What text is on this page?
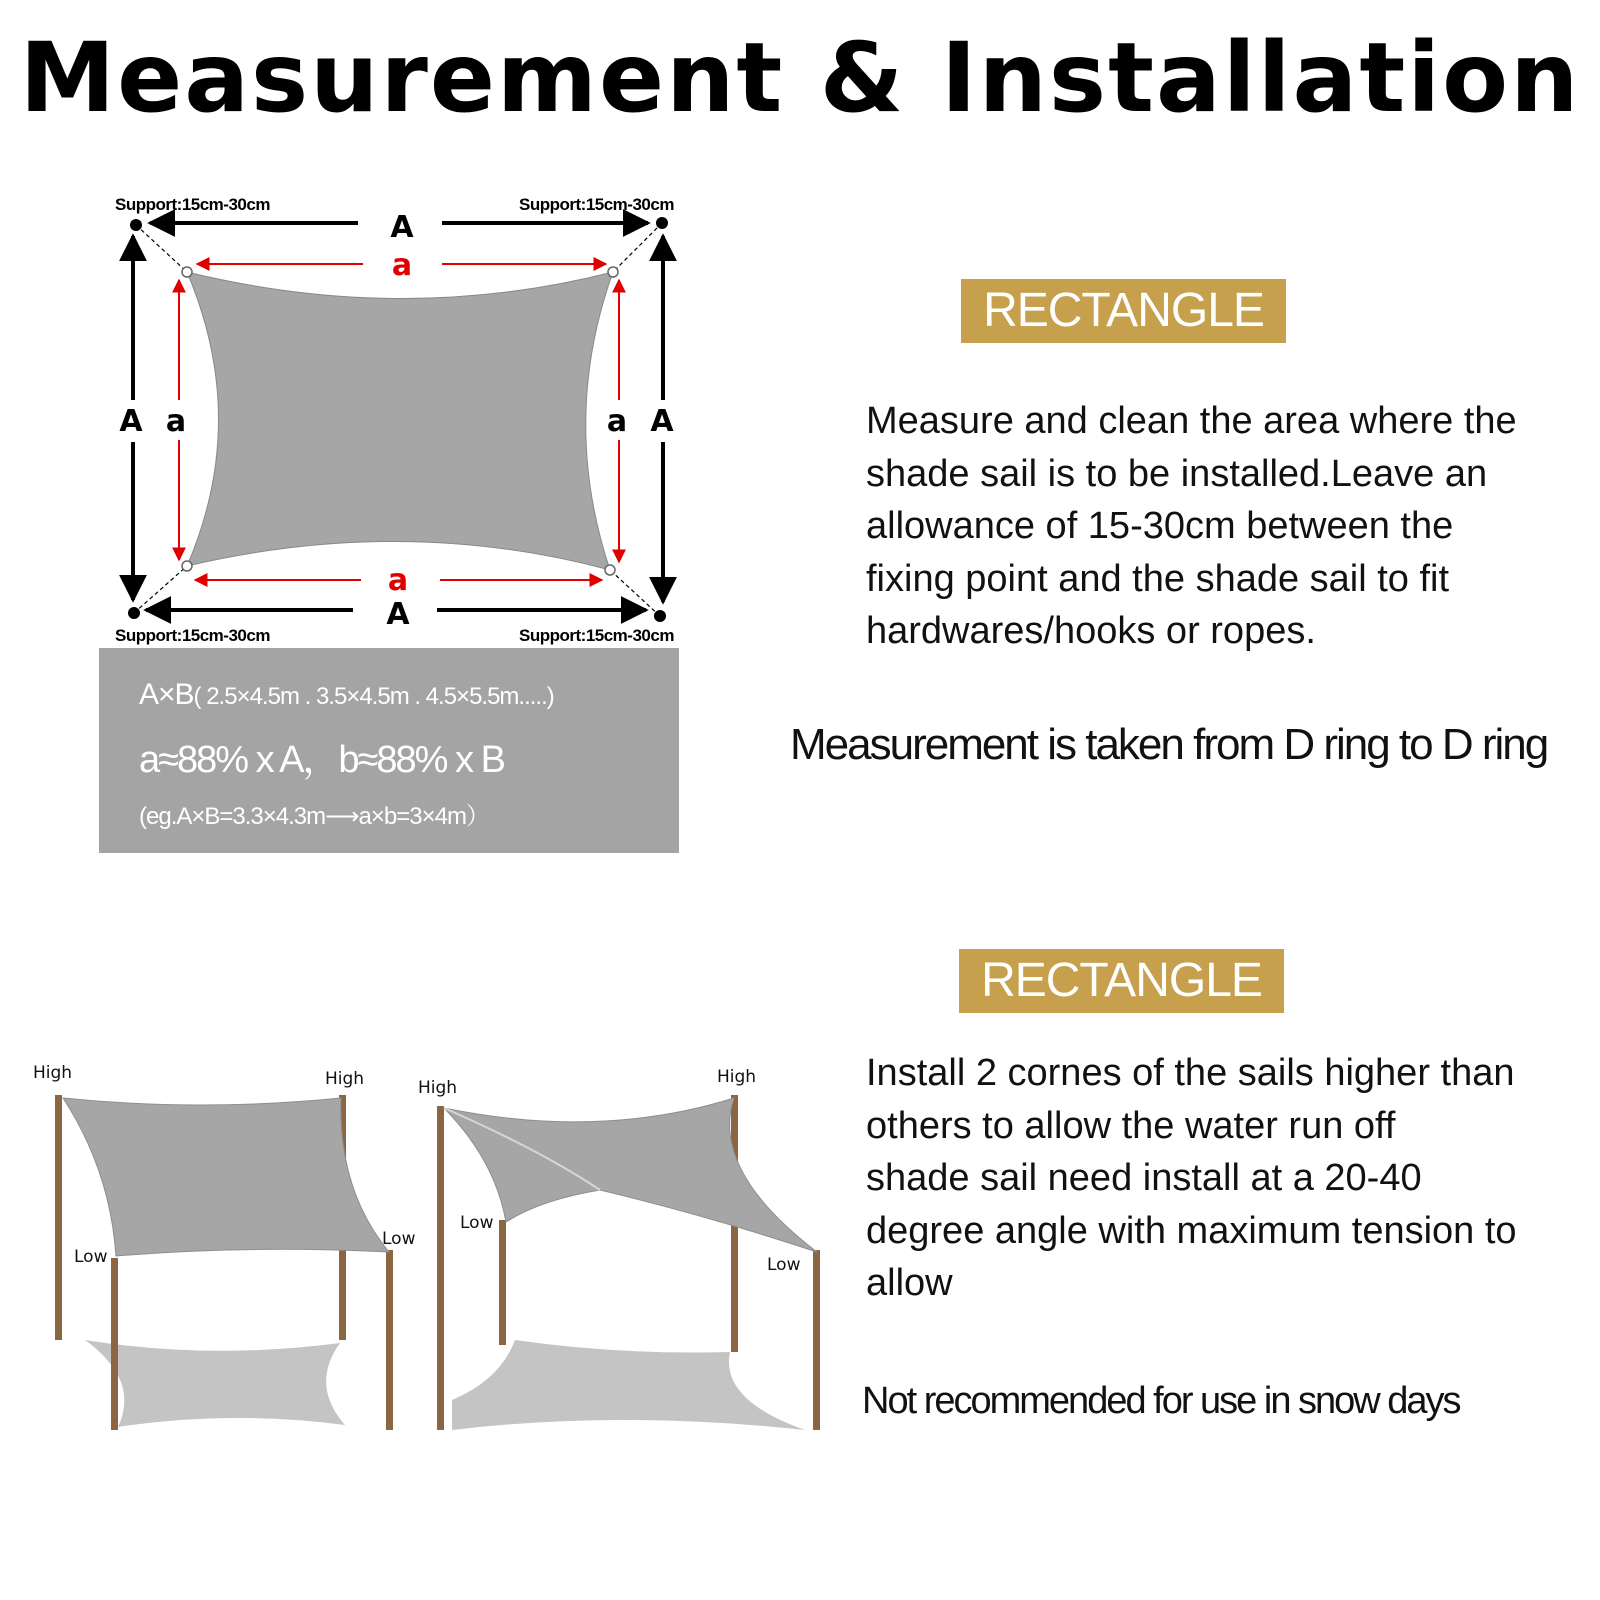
Measurement & Installation
Support:15cm-30cm	Support:15cm-30cm
Support:15cm-30cm	Support:15cm-30cm
A
a
a
A
A a	a A
High	High
Low
Low
High
High
Low
Low
A×B( 2.5×4.5m . 3.5×4.5m . 4.5×5.5m.....)
a≈88% x A，b≈88% x B
(eg.A×B=3.3×4.3m⟶a×b=3×4m）
RECTANGLE

Measure and clean the area where the
shade sail is to be installed.Leave an
allowance of 15-30cm between the
fixing point and the shade sail to fit
hardwares/hooks or ropes.

Measurement is taken from D ring to D ring
RECTANGLE

Install 2 cornes of the sails higher than
others to allow the water run off
shade sail need install at a 20-40
degree angle with maximum tension to
allow

Not recommended for use in snow days
